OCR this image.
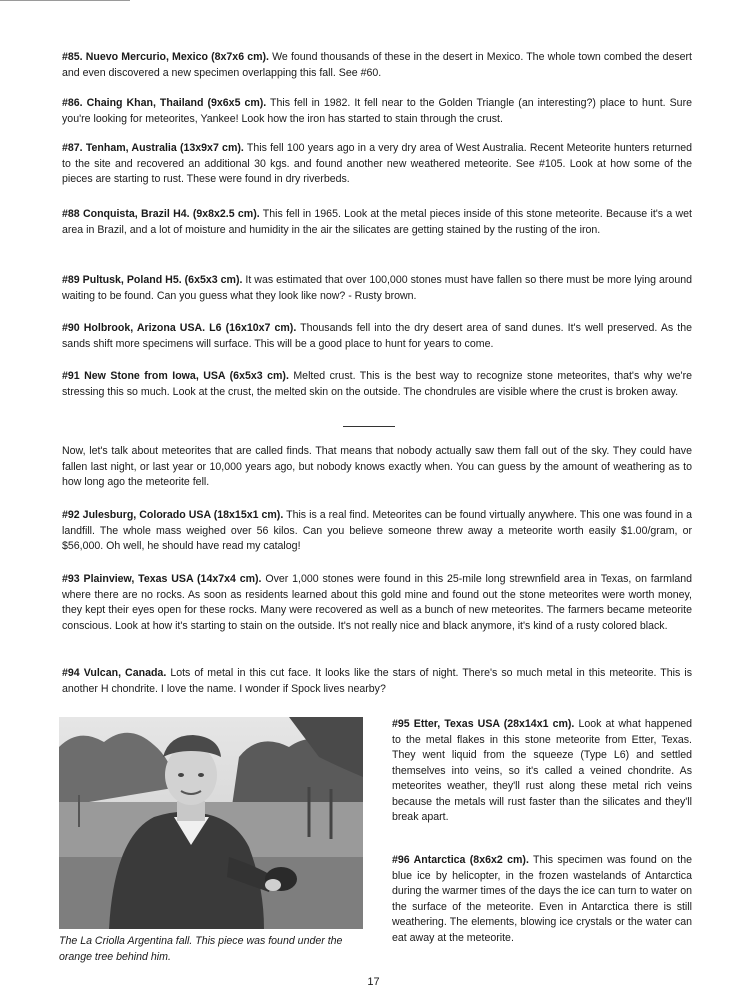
#85. Nuevo Mercurio, Mexico (8x7x6 cm). We found thousands of these in the desert in Mexico. The whole town combed the desert and even discovered a new specimen overlapping this fall. See #60.

#86. Chaing Khan, Thailand (9x6x5 cm). This fell in 1982. It fell near to the Golden Triangle (an interesting?) place to hunt. Sure you're looking for meteorites, Yankee! Look how the iron has started to stain through the crust.

#87. Tenham, Australia (13x9x7 cm). This fell 100 years ago in a very dry area of West Australia. Recent Meteorite hunters returned to the site and recovered an additional 30 kgs. and found another new weathered meteorite. See #105. Look at how some of the pieces are starting to rust. These were found in dry riverbeds.

#88 Conquista, Brazil H4. (9x8x2.5 cm). This fell in 1965. Look at the metal pieces inside of this stone meteorite. Because it's a wet area in Brazil, and a lot of moisture and humidity in the air the silicates are getting stained by the rusting of the iron.

#89 Pultusk, Poland H5. (6x5x3 cm). It was estimated that over 100,000 stones must have fallen so there must be more lying around waiting to be found. Can you guess what they look like now? - Rusty brown.

#90 Holbrook, Arizona USA. L6 (16x10x7 cm). Thousands fell into the dry desert area of sand dunes. It's well preserved. As the sands shift more specimens will surface. This will be a good place to hunt for years to come.

#91 New Stone from Iowa, USA (6x5x3 cm). Melted crust. This is the best way to recognize stone meteorites, that's why we're stressing this so much. Look at the crust, the melted skin on the outside. The chondrules are visible where the crust is broken away.

Now, let's talk about meteorites that are called finds. That means that nobody actually saw them fall out of the sky. They could have fallen last night, or last year or 10,000 years ago, but nobody knows exactly when. You can guess by the amount of weathering as to how long ago the meteorite fell.

#92 Julesburg, Colorado USA (18x15x1 cm). This is a real find. Meteorites can be found virtually anywhere. This one was found in a landfill. The whole mass weighed over 56 kilos. Can you believe someone threw away a meteorite worth easily $1.00/gram, or $56,000. Oh well, he should have read my catalog!

#93 Plainview, Texas USA (14x7x4 cm). Over 1,000 stones were found in this 25-mile long strewnfield area in Texas, on farmland where there are no rocks. As soon as residents learned about this gold mine and found out the stone meteorites were worth money, they kept their eyes open for these rocks. Many were recovered as well as a bunch of new meteorites. The farmers became meteorite conscious. Look at how it's starting to stain on the outside. It's not really nice and black anymore, it's kind of a rusty colored black.

#94 Vulcan, Canada. Lots of metal in this cut face. It looks like the stars of night. There's so much metal in this meteorite. This is another H chondrite. I love the name. I wonder if Spock lives nearby?

The La Criolla Argentina fall. This piece was found under the orange tree behind him.

#95 Etter, Texas USA (28x14x1 cm). Look at what happened to the metal flakes in this stone meteorite from Etter, Texas. They went liquid from the squeeze (Type L6) and settled themselves into veins, so it's called a veined chondrite. As meteorites weather, they'll rust along these metal rich veins because the metals will rust faster than the silicates and they'll break apart.

#96 Antarctica (8x6x2 cm). This specimen was found on the blue ice by helicopter, in the frozen wastelands of Antarctica during the warmer times of the days the ice can turn to water on the surface of the meteorite. Even in Antarctica there is still weathering. The elements, blowing ice crystals or the water can eat away at the meteorite.

17
